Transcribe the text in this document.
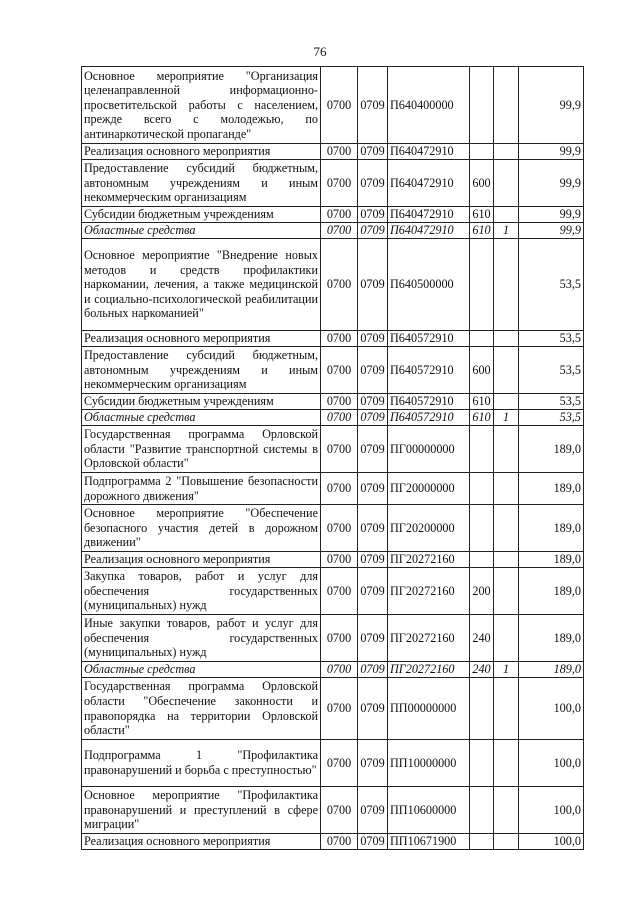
76
Основное мероприятие "Организация целенаправленной информационно-просветительской работы с населением, прежде всего с молодежью, по антинаркотической пропаганде"	0700	0709	П640400000			99,9
Реализация основного мероприятия	0700	0709	П640472910			99,9
Предоставление субсидий бюджетным, автономным учреждениям и иным некоммерческим организациям	0700	0709	П640472910	600		99,9
Субсидии бюджетным учреждениям	0700	0709	П640472910	610		99,9
Областные средства	0700	0709	П640472910	610	1	99,9
Основное мероприятие "Внедрение новых методов и средств профилактики наркомании, лечения, а также медицинской и социально-психологической реабилитации больных наркоманией"	0700	0709	П640500000			53,5
Реализация основного мероприятия	0700	0709	П640572910			53,5
Предоставление субсидий бюджетным, автономным учреждениям и иным некоммерческим организациям	0700	0709	П640572910	600		53,5
Субсидии бюджетным учреждениям	0700	0709	П640572910	610		53,5
Областные средства	0700	0709	П640572910	610	1	53,5
Государственная программа Орловской области "Развитие транспортной системы в Орловской области"	0700	0709	ПГ00000000			189,0
Подпрограмма 2 "Повышение безопасности дорожного движения"	0700	0709	ПГ20000000			189,0
Основное мероприятие "Обеспечение безопасного участия детей в дорожном движении"	0700	0709	ПГ20200000			189,0
Реализация основного мероприятия	0700	0709	ПГ20272160			189,0
Закупка товаров, работ и услуг для обеспечения государственных (муниципальных) нужд	0700	0709	ПГ20272160	200		189,0
Иные закупки товаров, работ и услуг для обеспечения государственных (муниципальных) нужд	0700	0709	ПГ20272160	240		189,0
Областные средства	0700	0709	ПГ20272160	240	1	189,0
Государственная программа Орловской области "Обеспечение законности и правопорядка на территории Орловской области"	0700	0709	ПП00000000			100,0
Подпрограмма 1 "Профилактика правонарушений и борьба с преступностью"	0700	0709	ПП10000000			100,0
Основное мероприятие "Профилактика правонарушений и преступлений в сфере миграции"	0700	0709	ПП10600000			100,0
Реализация основного мероприятия	0700	0709	ПП10671900			100,0
